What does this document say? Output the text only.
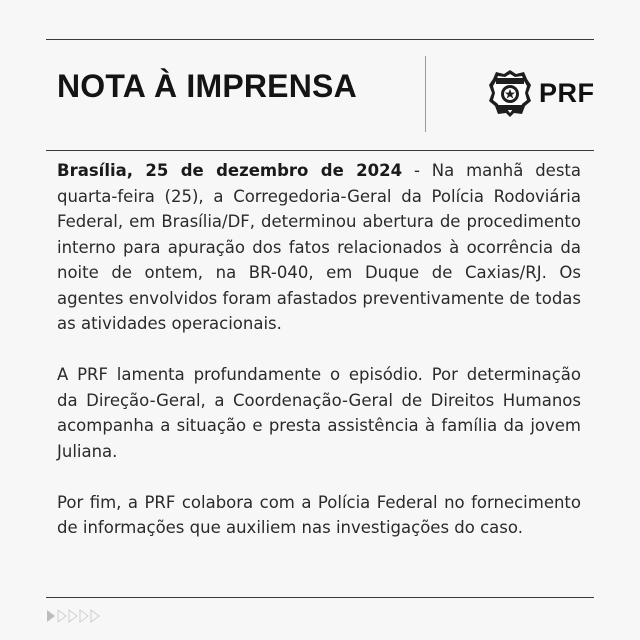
NOTA À IMPRENSA	PRF

Brasília, 25 de dezembro de 2024 - Na manhã desta quarta-feira (25), a Corregedoria-Geral da Polícia Rodoviária Federal, em Brasília/DF, determinou abertura de procedimento interno para apuração dos fatos relacionados à ocorrência da noite de ontem, na BR-040, em Duque de Caxias/RJ. Os agentes envolvidos foram afastados preventivamente de todas as atividades operacionais.

A PRF lamenta profundamente o episódio. Por determinação da Direção-Geral, a Coordenação-Geral de Direitos Humanos acompanha a situação e presta assistência à família da jovem Juliana.

Por fim, a PRF colabora com a Polícia Federal no fornecimento de informações que auxiliem nas investigações do caso.
